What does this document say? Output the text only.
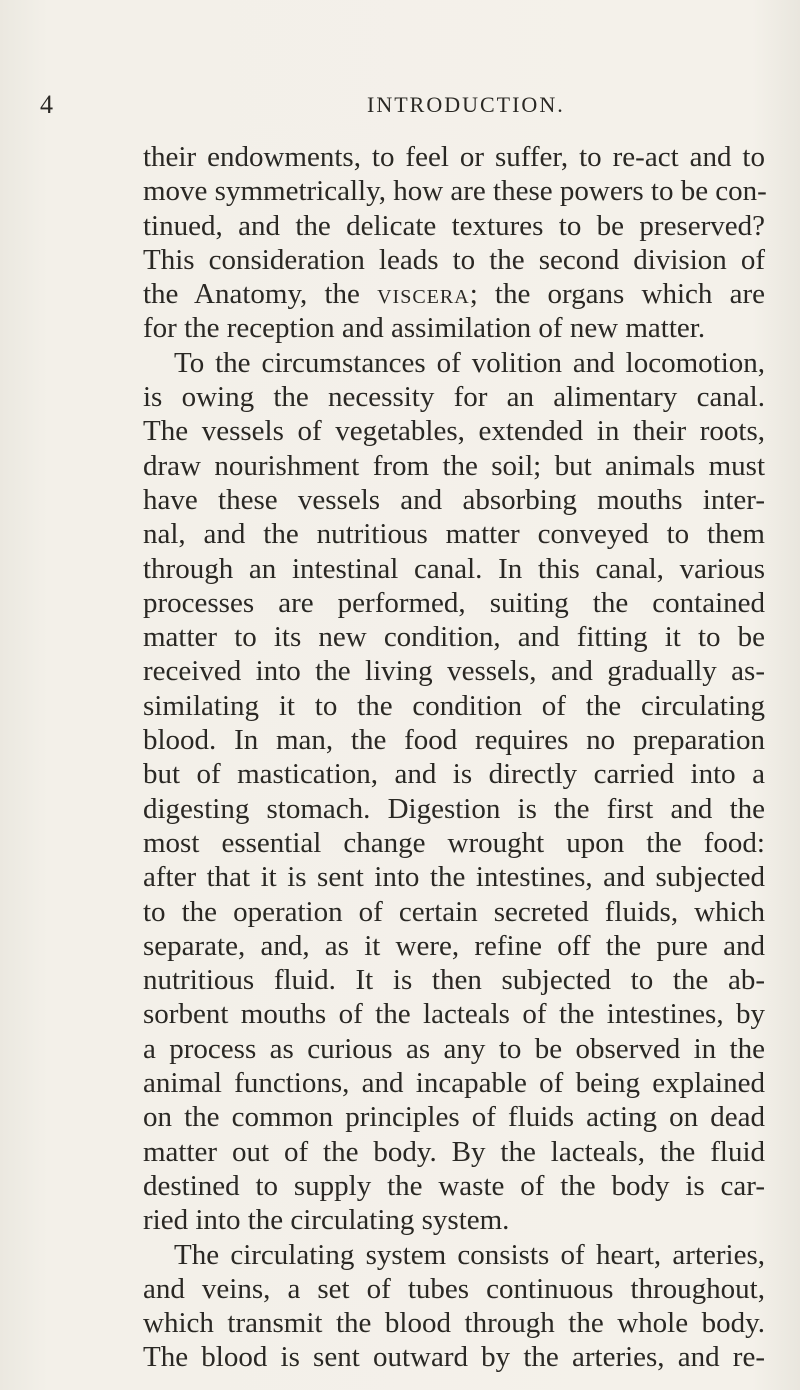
4	INTRODUCTION.
their endowments, to feel or suffer, to re-act and to
move symmetrically, how are these powers to be con-
tinued, and the delicate textures to be preserved?
This consideration leads to the second division of
the Anatomy, the viscera; the organs which are
for the reception and assimilation of new matter.
To the circumstances of volition and locomotion,
is owing the necessity for an alimentary canal.
The vessels of vegetables, extended in their roots,
draw nourishment from the soil; but animals must
have these vessels and absorbing mouths inter-
nal, and the nutritious matter conveyed to them
through an intestinal canal. In this canal, various
processes are performed, suiting the contained
matter to its new condition, and fitting it to be
received into the living vessels, and gradually as-
similating it to the condition of the circulating
blood. In man, the food requires no preparation
but of mastication, and is directly carried into a
digesting stomach. Digestion is the first and the
most essential change wrought upon the food:
after that it is sent into the intestines, and subjected
to the operation of certain secreted fluids, which
separate, and, as it were, refine off the pure and
nutritious fluid. It is then subjected to the ab-
sorbent mouths of the lacteals of the intestines, by
a process as curious as any to be observed in the
animal functions, and incapable of being explained
on the common principles of fluids acting on dead
matter out of the body. By the lacteals, the fluid
destined to supply the waste of the body is car-
ried into the circulating system.
The circulating system consists of heart, arteries,
and veins, a set of tubes continuous throughout,
which transmit the blood through the whole body.
The blood is sent outward by the arteries, and re-
